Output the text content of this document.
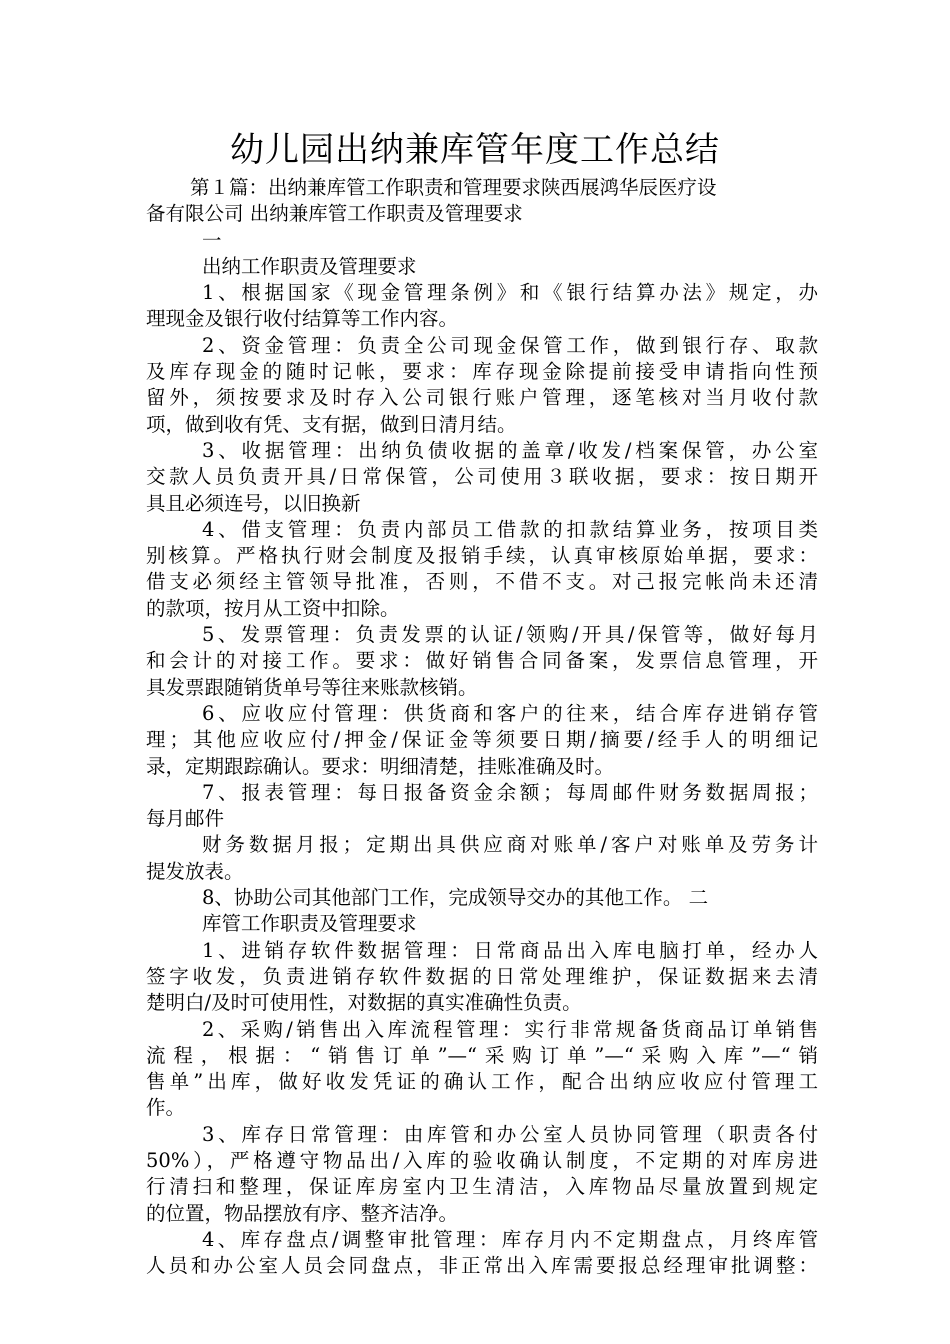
幼儿园出纳兼库管年度工作总结
第１篇：出纳兼库管工作职责和管理要求陕西展鸿华辰医疗设
备有限公司 出纳兼库管工作职责及管理要求
一
出纳工作职责及管理要求
1、根据国家《现金管理条例》和《银行结算办法》规定，办
理现金及银行收付结算等工作内容。
2、资金管理：负责全公司现金保管工作，做到银行存、取款
及库存现金的随时记帐，要求：库存现金除提前接受申请指向性预
留外，须按要求及时存入公司银行账户管理，逐笔核对当月收付款
项，做到收有凭、支有据，做到日清月结。
3、收据管理：出纳负债收据的盖章/收发/档案保管，办公室
交款人员负责开具/日常保管，公司使用３联收据，要求：按日期开
具且必须连号，以旧换新
4、借支管理：负责内部员工借款的扣款结算业务，按项目类
别核算。严格执行财会制度及报销手续，认真审核原始单据，要求：
借支必须经主管领导批准，否则，不借不支。对己报完帐尚未还清
的款项，按月从工资中扣除。
5、发票管理：负责发票的认证/领购/开具/保管等，做好每月
和会计的对接工作。要求：做好销售合同备案，发票信息管理，开
具发票跟随销货单号等往来账款核销。
6、应收应付管理：供货商和客户的往来，结合库存进销存管
理；其他应收应付/押金/保证金等须要日期/摘要/经手人的明细记
录，定期跟踪确认。要求：明细清楚，挂账准确及时。
7、报表管理：每日报备资金余额；每周邮件财务数据周报；
每月邮件
财务数据月报；定期出具供应商对账单/客户对账单及劳务计
提发放表。
8、协助公司其他部门工作，完成领导交办的其他工作。 二
库管工作职责及管理要求
1、进销存软件数据管理：日常商品出入库电脑打单，经办人
签字收发，负责进销存软件数据的日常处理维护，保证数据来去清
楚明白/及时可使用性，对数据的真实准确性负责。
2、采购/销售出入库流程管理：实行非常规备货商品订单销售
流程，根据：“销售订单”—“采购订单”—“采购入库”—“销
售单”出库，做好收发凭证的确认工作，配合出纳应收应付管理工
作。
3、库存日常管理：由库管和办公室人员协同管理（职责各付
50%），严格遵守物品出/入库的验收确认制度，不定期的对库房进
行清扫和整理，保证库房室内卫生清洁，入库物品尽量放置到规定
的位置，物品摆放有序、整齐洁净。
4、库存盘点/调整审批管理：库存月内不定期盘点，月终库管
人员和办公室人员会同盘点，非正常出入库需要报总经理审批调整：
